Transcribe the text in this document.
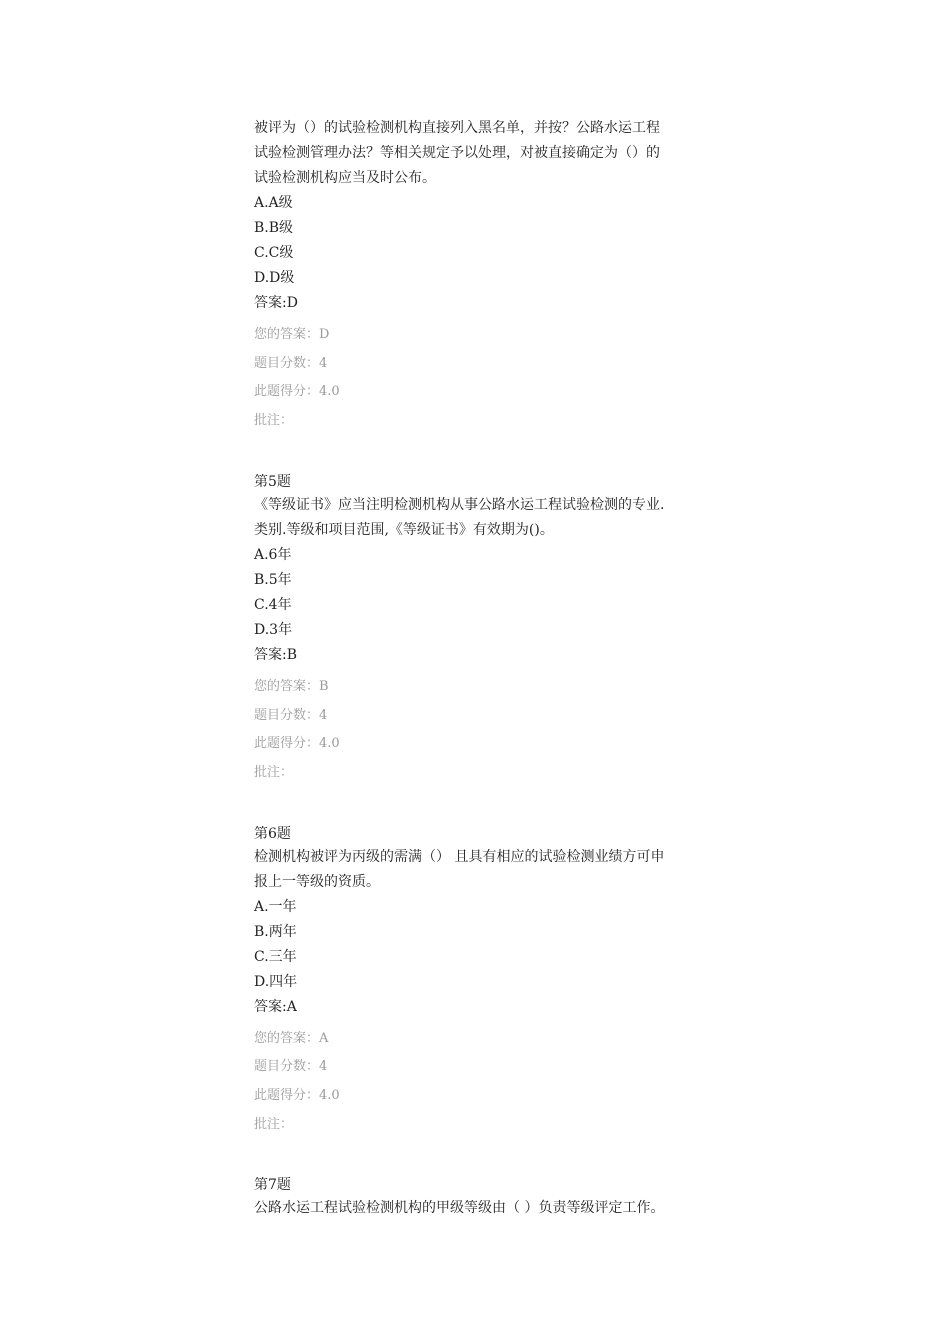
被评为（）的试验检测机构直接列入黑名单，并按？公路水运工程
试验检测管理办法？等相关规定予以处理，对被直接确定为（）的
试验检测机构应当及时公布。
A.A级
B.B级
C.C级
D.D级
答案:D
您的答案：D
题目分数：4
此题得分：4.0
批注：
第5题
《等级证书》应当注明检测机构从事公路水运工程试验检测的专业.
类别.等级和项目范围,《等级证书》有效期为()。
A.6年
B.5年
C.4年
D.3年
答案:B
您的答案：B
题目分数：4
此题得分：4.0
批注：
第6题
检测机构被评为丙级的需满（） 且具有相应的试验检测业绩方可申
报上一等级的资质。
A.一年
B.两年
C.三年
D.四年
答案:A
您的答案：A
题目分数：4
此题得分：4.0
批注：
第7题
公路水运工程试验检测机构的甲级等级由（ ）负责等级评定工作。
